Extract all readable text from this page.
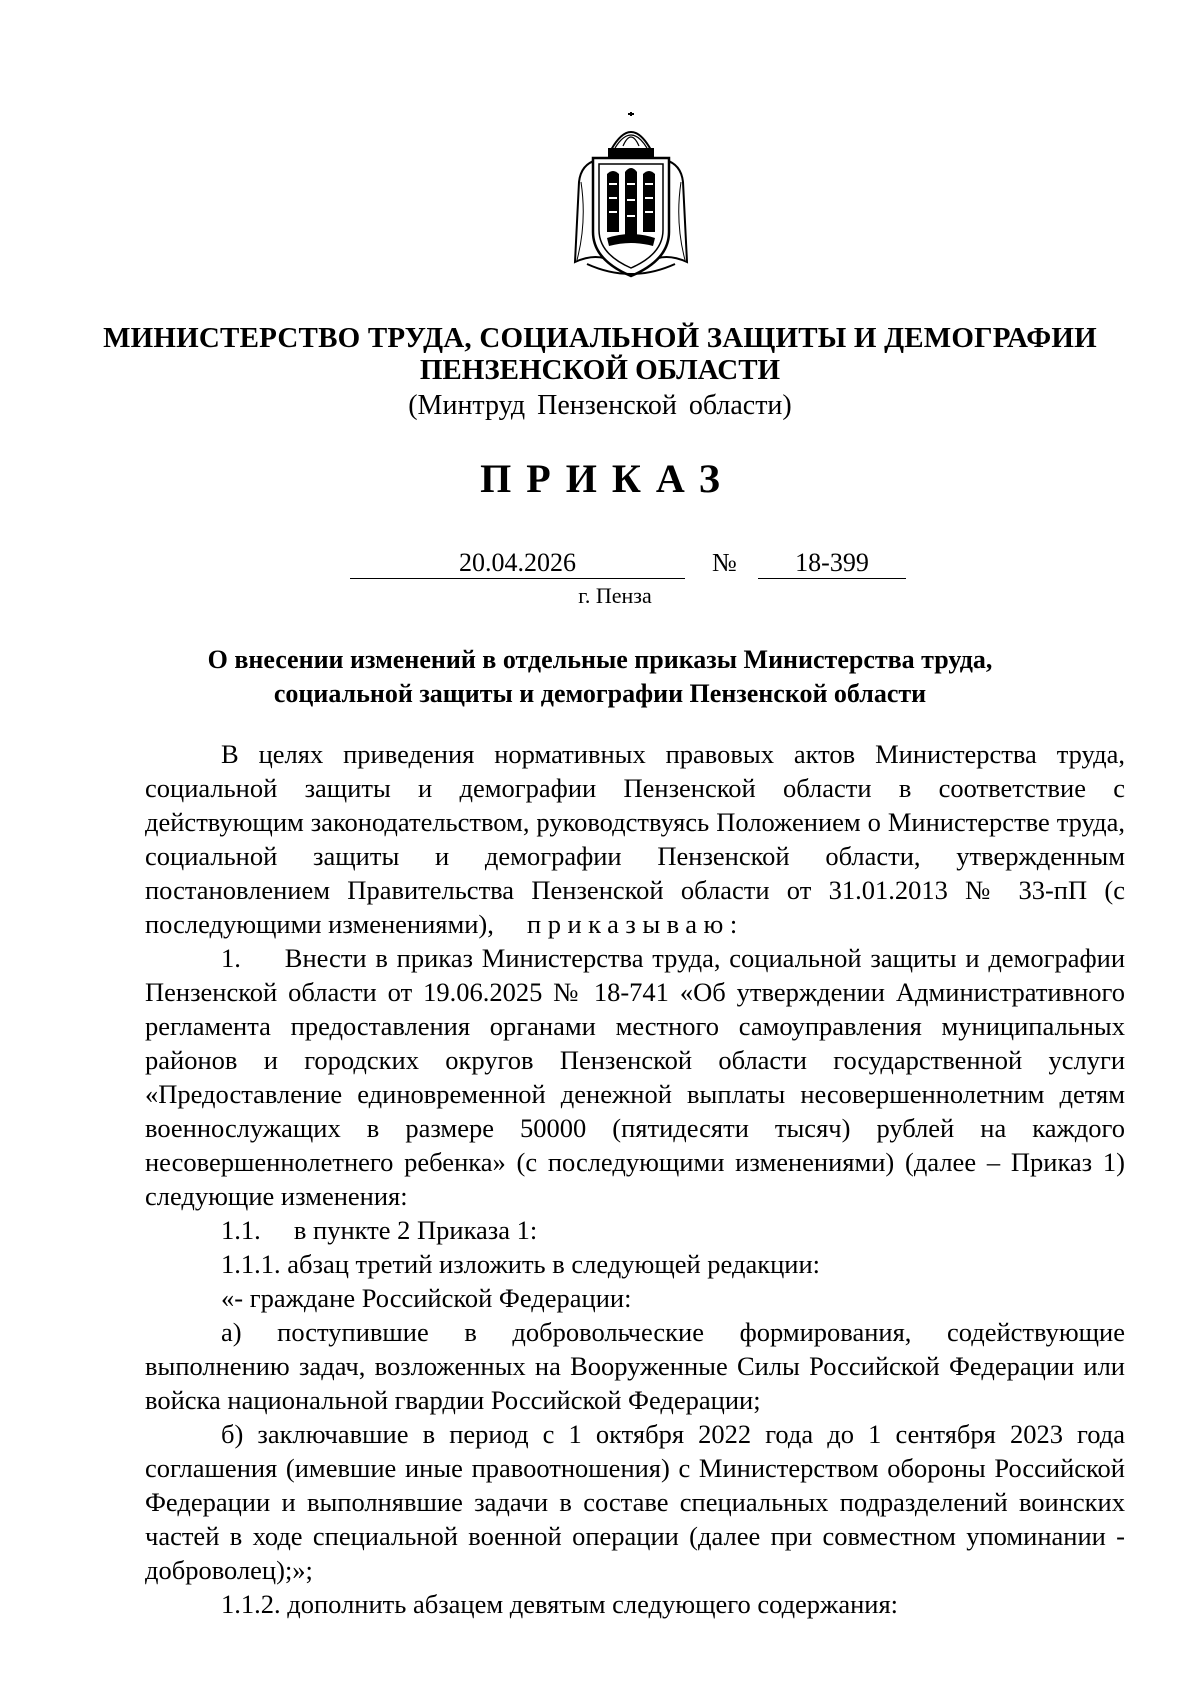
МИНИСТЕРСТВО ТРУДА, СОЦИАЛЬНОЙ ЗАЩИТЫ И ДЕМОГРАФИИ
ПЕНЗЕНСКОЙ ОБЛАСТИ
(Минтруд Пензенской области)
ПРИКАЗ
20.04.2026	№	18-399
г. Пенза
О внесении изменений в отдельные приказы Министерства труда,
социальной защиты и демографии Пензенской области

В целях приведения нормативных правовых актов Министерства труда, социальной защиты и демографии Пензенской области в соответствие с действующим законодательством, руководствуясь Положением о Министерстве труда, социальной защиты и демографии Пензенской области, утвержденным постановлением Правительства Пензенской области от 31.01.2013 № 33-пП (с последующими изменениями), приказываю:

1. Внести в приказ Министерства труда, социальной защиты и демографии Пензенской области от 19.06.2025 № 18-741 «Об утверждении Административного регламента предоставления органами местного самоуправления муниципальных районов и городских округов Пензенской области государственной услуги «Предоставление единовременной денежной выплаты несовершеннолетним детям военнослужащих в размере 50000 (пятидесяти тысяч) рублей на каждого несовершеннолетнего ребенка» (с последующими изменениями) (далее – Приказ 1) следующие изменения:

1.1. в пункте 2 Приказа 1:

1.1.1. абзац третий изложить в следующей редакции:

«- граждане Российской Федерации:

а) поступившие в добровольческие формирования, содействующие выполнению задач, возложенных на Вооруженные Силы Российской Федерации или войска национальной гвардии Российской Федерации;

б) заключавшие в период с 1 октября 2022 года до 1 сентября 2023 года соглашения (имевшие иные правоотношения) с Министерством обороны Российской Федерации и выполнявшие задачи в составе специальных подразделений воинских частей в ходе специальной военной операции (далее при совместном упоминании - доброволец);»;

1.1.2. дополнить абзацем девятым следующего содержания:
